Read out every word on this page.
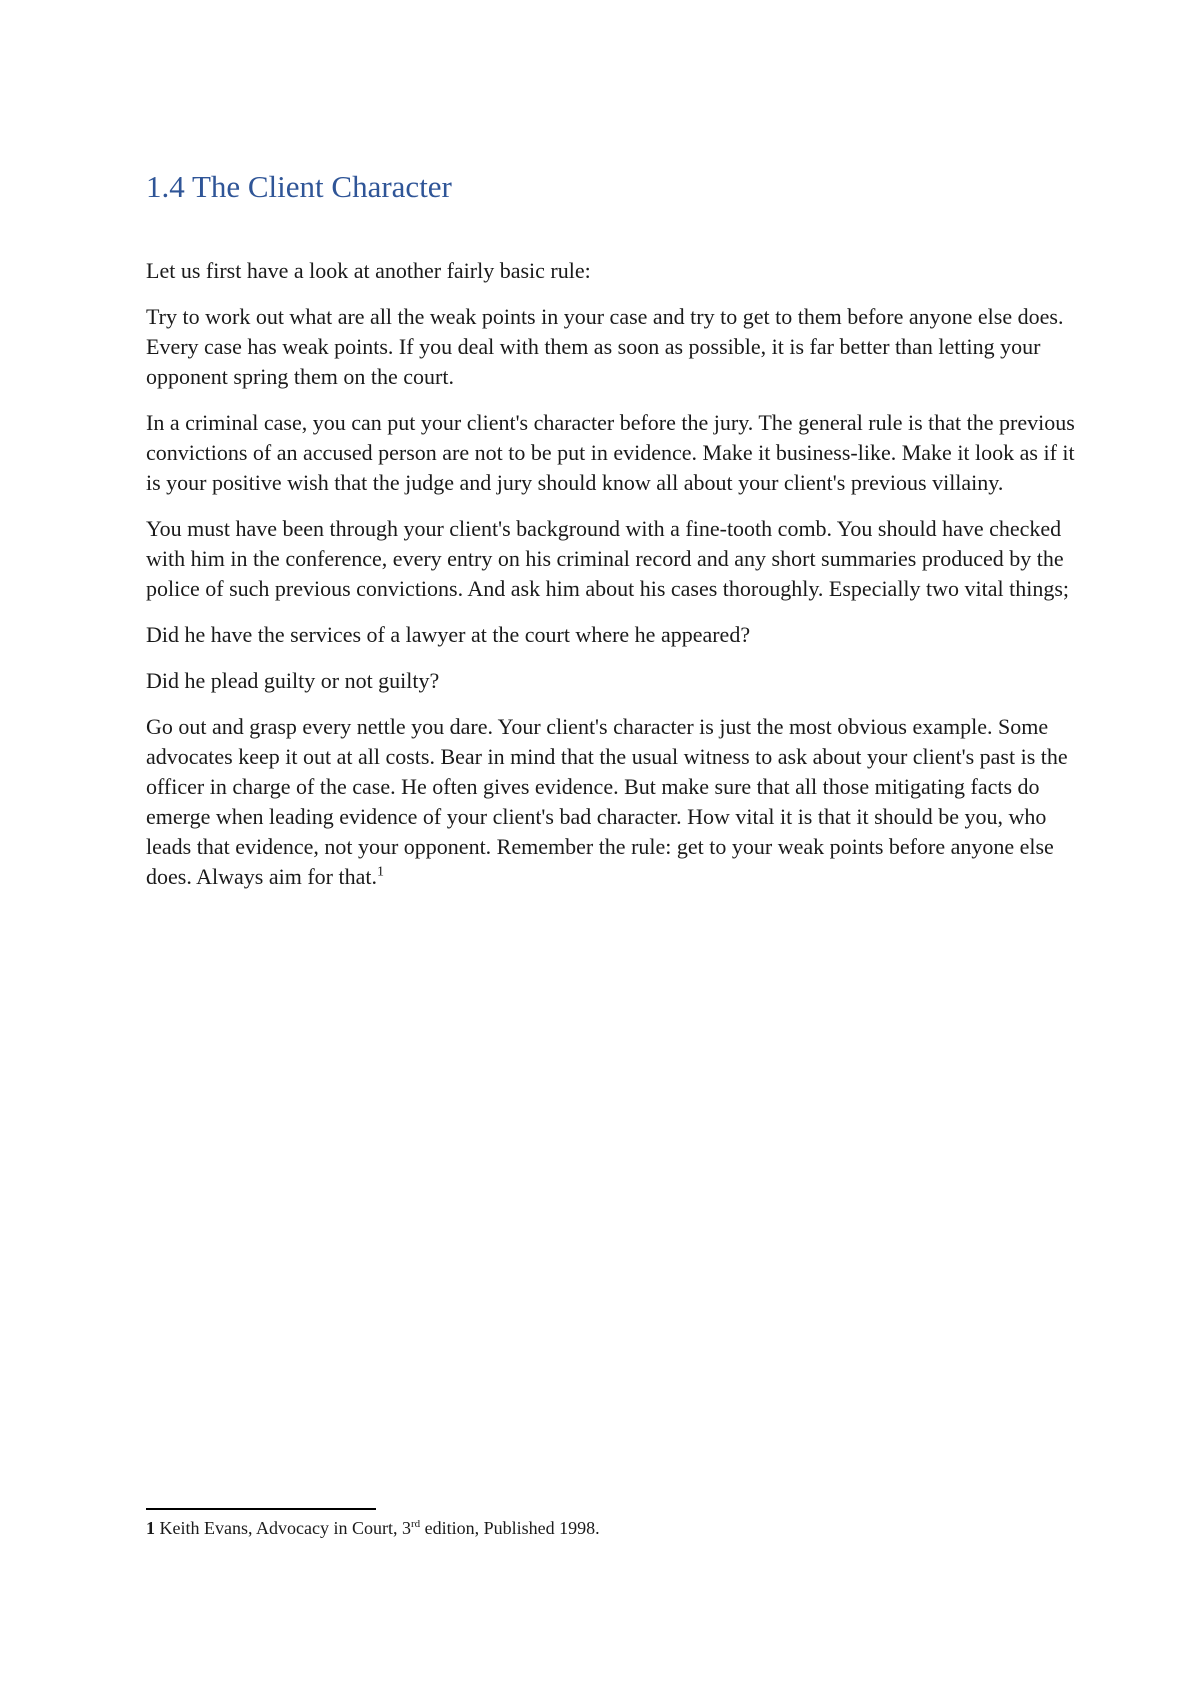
1.4 The Client Character

Let us first have a look at another fairly basic rule:

Try to work out what are all the weak points in your case and try to get to them before anyone else does. Every case has weak points. If you deal with them as soon as possible, it is far better than letting your opponent spring them on the court.

In a criminal case, you can put your client's character before the jury. The general rule is that the previous convictions of an accused person are not to be put in evidence. Make it business-like. Make it look as if it is your positive wish that the judge and jury should know all about your client's previous villainy.

You must have been through your client's background with a fine-tooth comb. You should have checked with him in the conference, every entry on his criminal record and any short summaries produced by the police of such previous convictions. And ask him about his cases thoroughly. Especially two vital things;

Did he have the services of a lawyer at the court where he appeared?

Did he plead guilty or not guilty?

Go out and grasp every nettle you dare. Your client's character is just the most obvious example. Some advocates keep it out at all costs. Bear in mind that the usual witness to ask about your client's past is the officer in charge of the case. He often gives evidence. But make sure that all those mitigating facts do emerge when leading evidence of your client's bad character. How vital it is that it should be you, who leads that evidence, not your opponent. Remember the rule: get to your weak points before anyone else does. Always aim for that.$^1$

1 Keith Evans, Advocacy in Court, 3rd edition, Published 1998.
